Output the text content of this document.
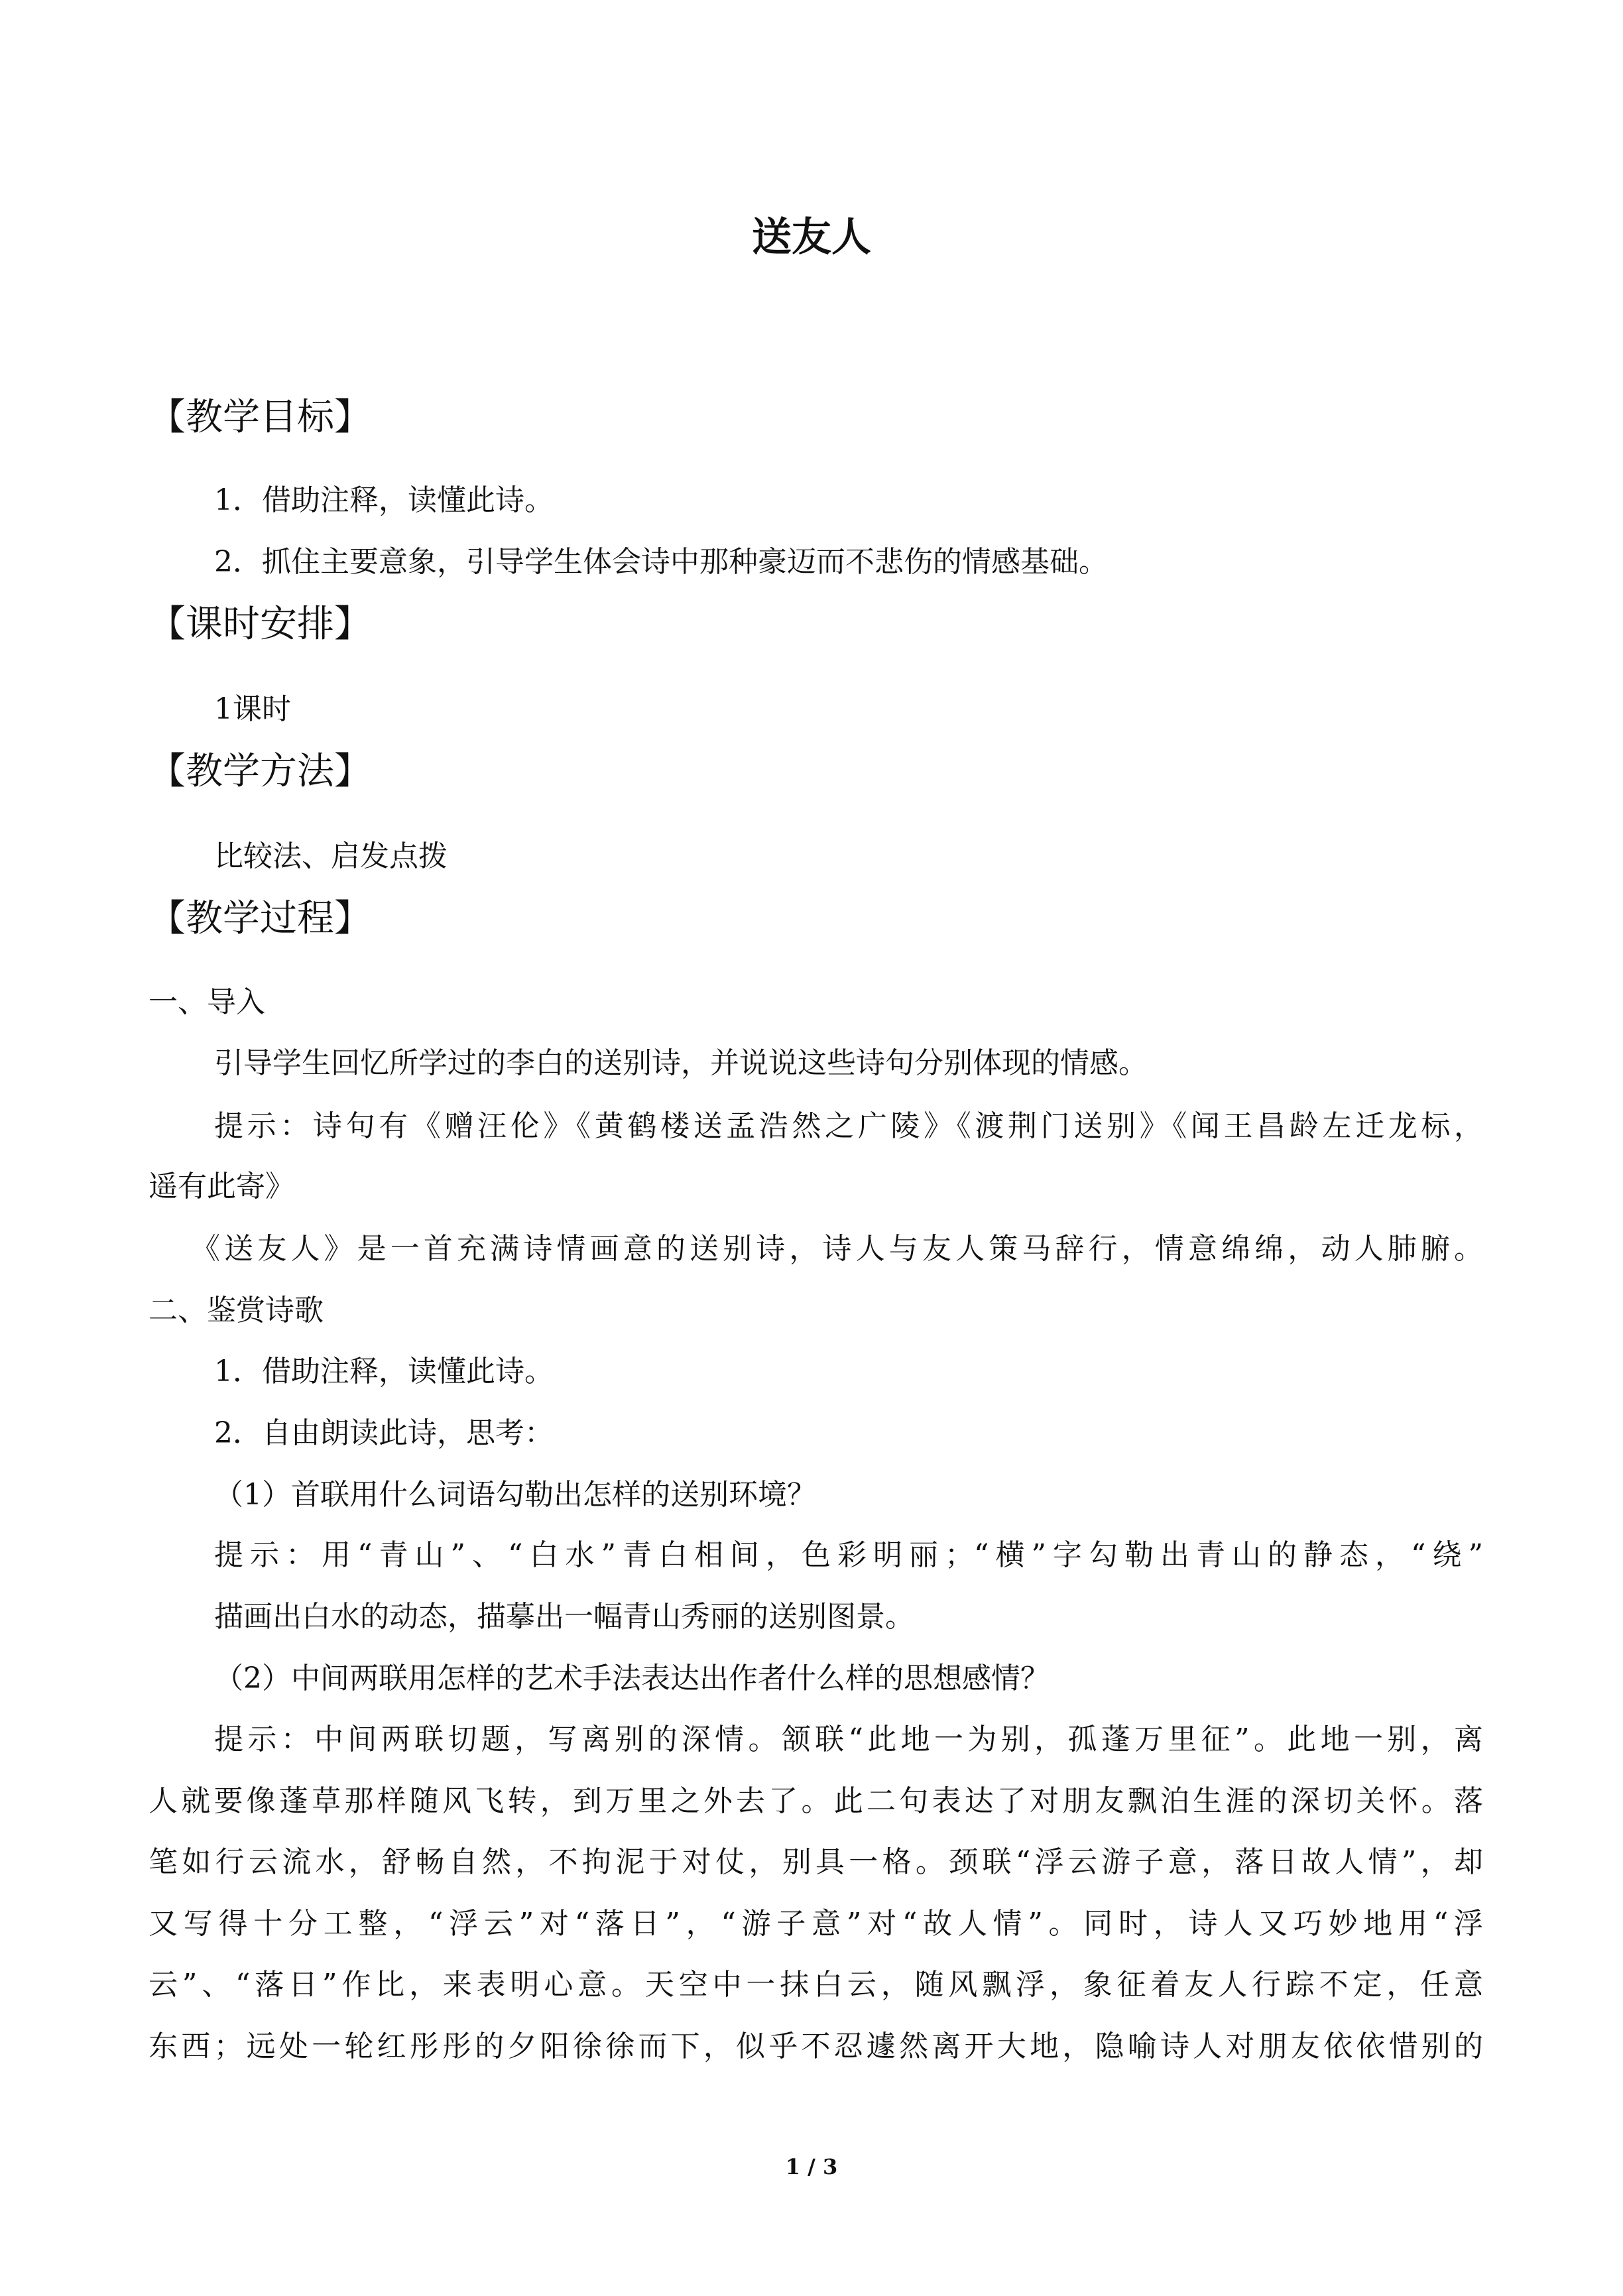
送友人
【教学目标】

1．借助注释，读懂此诗。

2．抓住主要意象，引导学生体会诗中那种豪迈而不悲伤的情感基础。

【课时安排】

1课时

【教学方法】

比较法、启发点拨

【教学过程】

一、导入

引导学生回忆所学过的李白的送别诗，并说说这些诗句分别体现的情感。

提示：诗句有《赠汪伦》《黄鹤楼送孟浩然之广陵》《渡荆门送别》《闻王昌龄左迁龙标，

遥有此寄》

《送友人》是一首充满诗情画意的送别诗，诗人与友人策马辞行，情意绵绵，动人肺腑。

二、鉴赏诗歌

1．借助注释，读懂此诗。

2．自由朗读此诗，思考：

（1）首联用什么词语勾勒出怎样的送别环境？

提示：用“青山”、“白水”青白相间，色彩明丽；“横”字勾勒出青山的静态，“绕”

描画出白水的动态，描摹出一幅青山秀丽的送别图景。

（2）中间两联用怎样的艺术手法表达出作者什么样的思想感情？

提示：中间两联切题，写离别的深情。颔联“此地一为别，孤蓬万里征”。此地一别，离

人就要像蓬草那样随风飞转，到万里之外去了。此二句表达了对朋友飘泊生涯的深切关怀。落

笔如行云流水，舒畅自然，不拘泥于对仗，别具一格。颈联“浮云游子意，落日故人情”，却

又写得十分工整，“浮云”对“落日”，“游子意”对“故人情”。同时，诗人又巧妙地用“浮

云”、“落日”作比，来表明心意。天空中一抹白云，随风飘浮，象征着友人行踪不定，任意

东西；远处一轮红彤彤的夕阳徐徐而下，似乎不忍遽然离开大地，隐喻诗人对朋友依依惜别的

1 / 3
